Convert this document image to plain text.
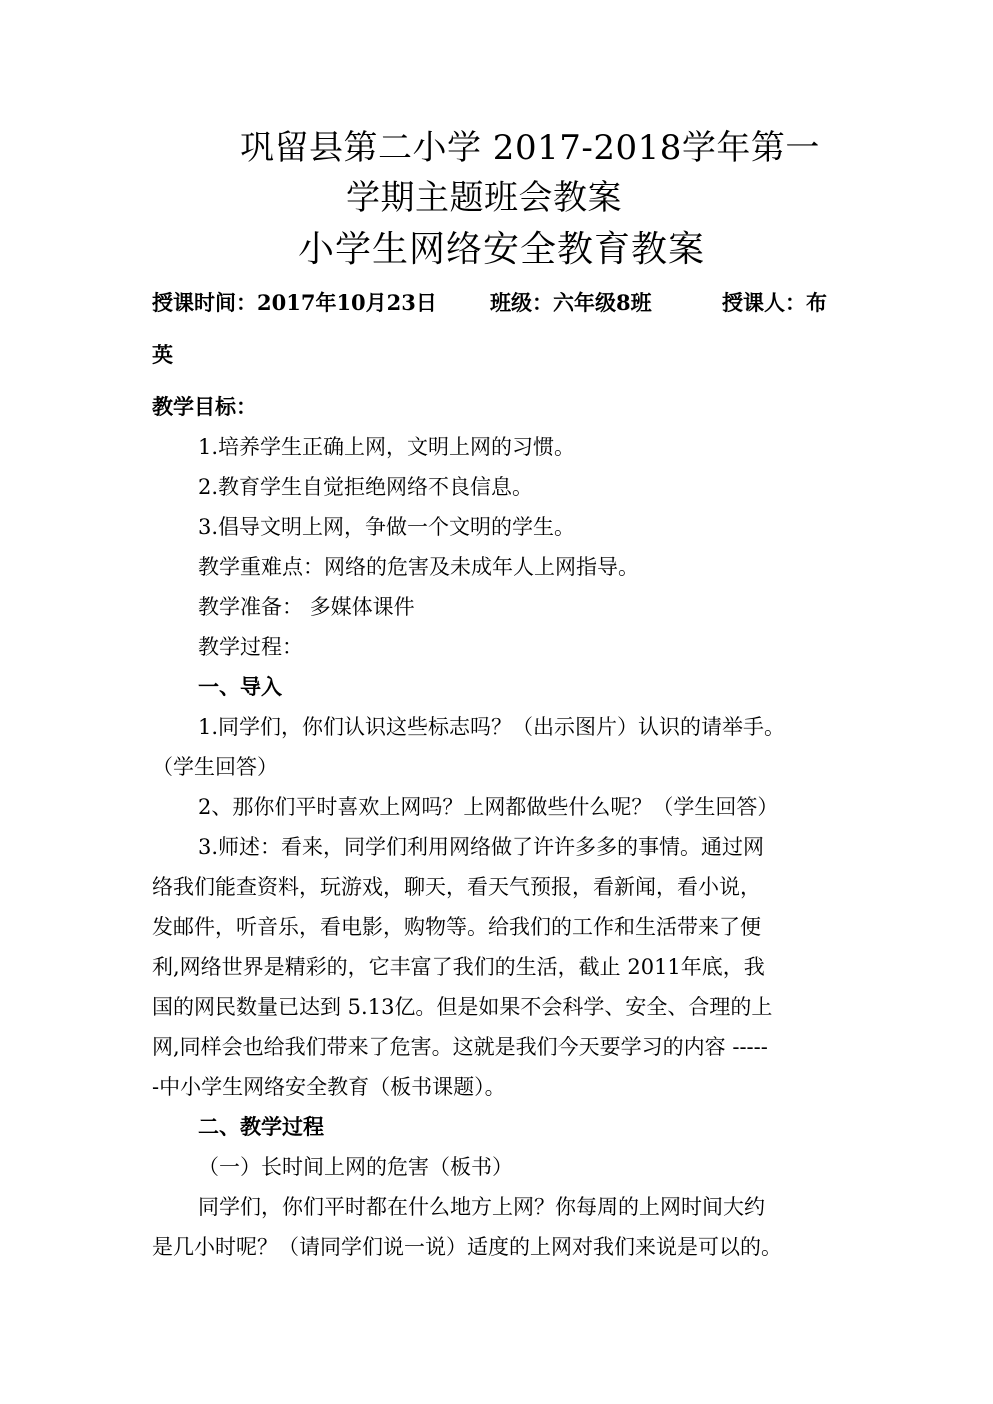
巩留县第二小学 2017-2018学年第一
学期主题班会教案
小学生网络安全教育教案
授课时间：2017年10月23日	班级：六年级8班	授课人：布
英
教学目标：
1.培养学生正确上网，文明上网的习惯。
2.教育学生自觉拒绝网络不良信息。
3.倡导文明上网，争做一个文明的学生。
教学重难点：网络的危害及未成年人上网指导。
教学准备： 多媒体课件
教学过程：
一、导入
1.同学们，你们认识这些标志吗？（出示图片）认识的请举手。
（学生回答）
2、那你们平时喜欢上网吗？上网都做些什么呢？（学生回答）
3.师述：看来，同学们利用网络做了许许多多的事情。通过网
络我们能查资料，玩游戏，聊天，看天气预报，看新闻，看小说，
发邮件，听音乐，看电影，购物等。给我们的工作和生活带来了便
利,网络世界是精彩的，它丰富了我们的生活，截止 2011年底，我
国的网民数量已达到 5.13亿。但是如果不会科学、安全、合理的上
网,同样会也给我们带来了危害。这就是我们今天要学习的内容 -----
-中小学生网络安全教育（板书课题）。
二、教学过程
（一）长时间上网的危害（板书）
同学们，你们平时都在什么地方上网？你每周的上网时间大约
是几小时呢？（请同学们说一说）适度的上网对我们来说是可以的。
